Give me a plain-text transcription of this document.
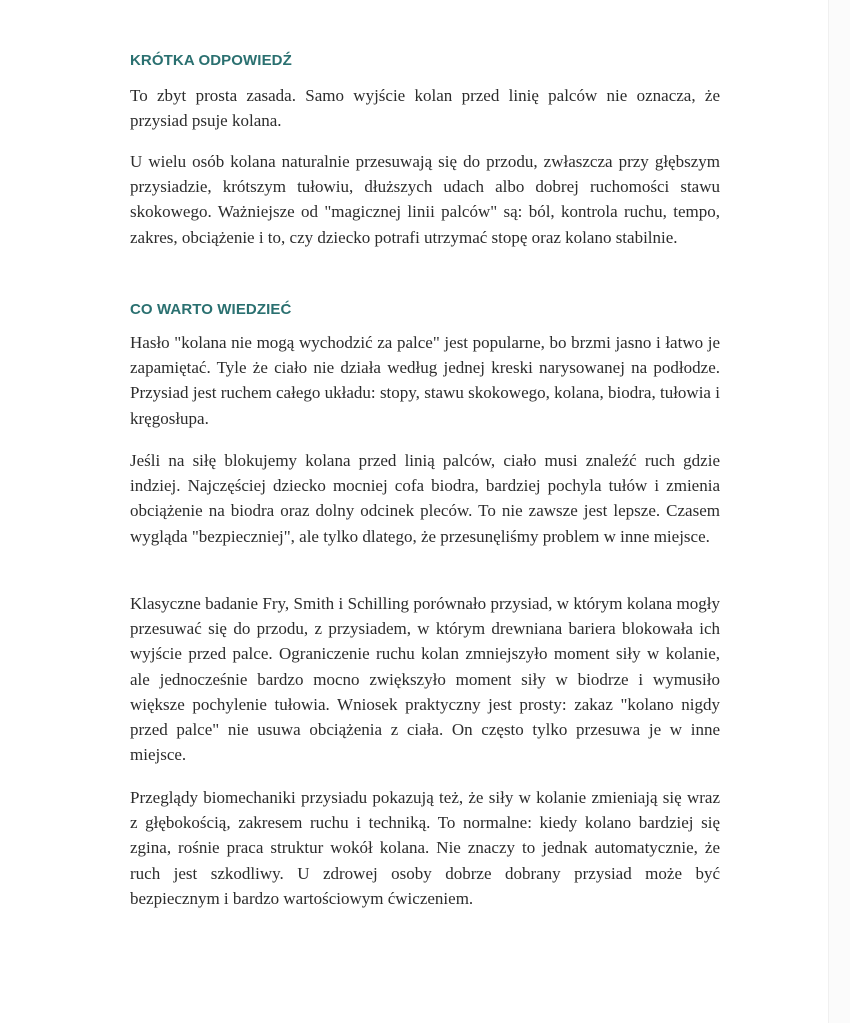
KRÓTKA ODPOWIEDŹ

To zbyt prosta zasada. Samo wyjście kolan przed linię palców nie oznacza, że przysiad psuje kolana.

U wielu osób kolana naturalnie przesuwają się do przodu, zwłaszcza przy głębszym przysiadzie, krótszym tułowiu, dłuższych udach albo dobrej ruchomości stawu skokowego. Ważniejsze od "magicznej linii palców" są: ból, kontrola ruchu, tempo, zakres, obciążenie i to, czy dziecko potrafi utrzymać stopę oraz kolano stabilnie.

CO WARTO WIEDZIEĆ

Hasło "kolana nie mogą wychodzić za palce" jest popularne, bo brzmi jasno i łatwo je zapamiętać. Tyle że ciało nie działa według jednej kreski narysowanej na podłodze. Przysiad jest ruchem całego układu: stopy, stawu skokowego, kolana, biodra, tułowia i kręgosłupa.

Jeśli na siłę blokujemy kolana przed linią palców, ciało musi znaleźć ruch gdzie indziej. Najczęściej dziecko mocniej cofa biodra, bardziej pochyla tułów i zmienia obciążenie na biodra oraz dolny odcinek pleców. To nie zawsze jest lepsze. Czasem wygląda "bezpieczniej", ale tylko dlatego, że przesunęliśmy problem w inne miejsce.

Klasyczne badanie Fry, Smith i Schilling porównało przysiad, w którym kolana mogły przesuwać się do przodu, z przysiadem, w którym drewniana bariera blokowała ich wyjście przed palce. Ograniczenie ruchu kolan zmniejszyło moment siły w kolanie, ale jednocześnie bardzo mocno zwiększyło moment siły w biodrze i wymusiło większe pochylenie tułowia. Wniosek praktyczny jest prosty: zakaz "kolano nigdy przed palce" nie usuwa obciążenia z ciała. On często tylko przesuwa je w inne miejsce.

Przeglądy biomechaniki przysiadu pokazują też, że siły w kolanie zmieniają się wraz z głębokością, zakresem ruchu i techniką. To normalne: kiedy kolano bardziej się zgina, rośnie praca struktur wokół kolana. Nie znaczy to jednak automatycznie, że ruch jest szkodliwy. U zdrowej osoby dobrze dobrany przysiad może być bezpiecznym i bardzo wartościowym ćwiczeniem.
